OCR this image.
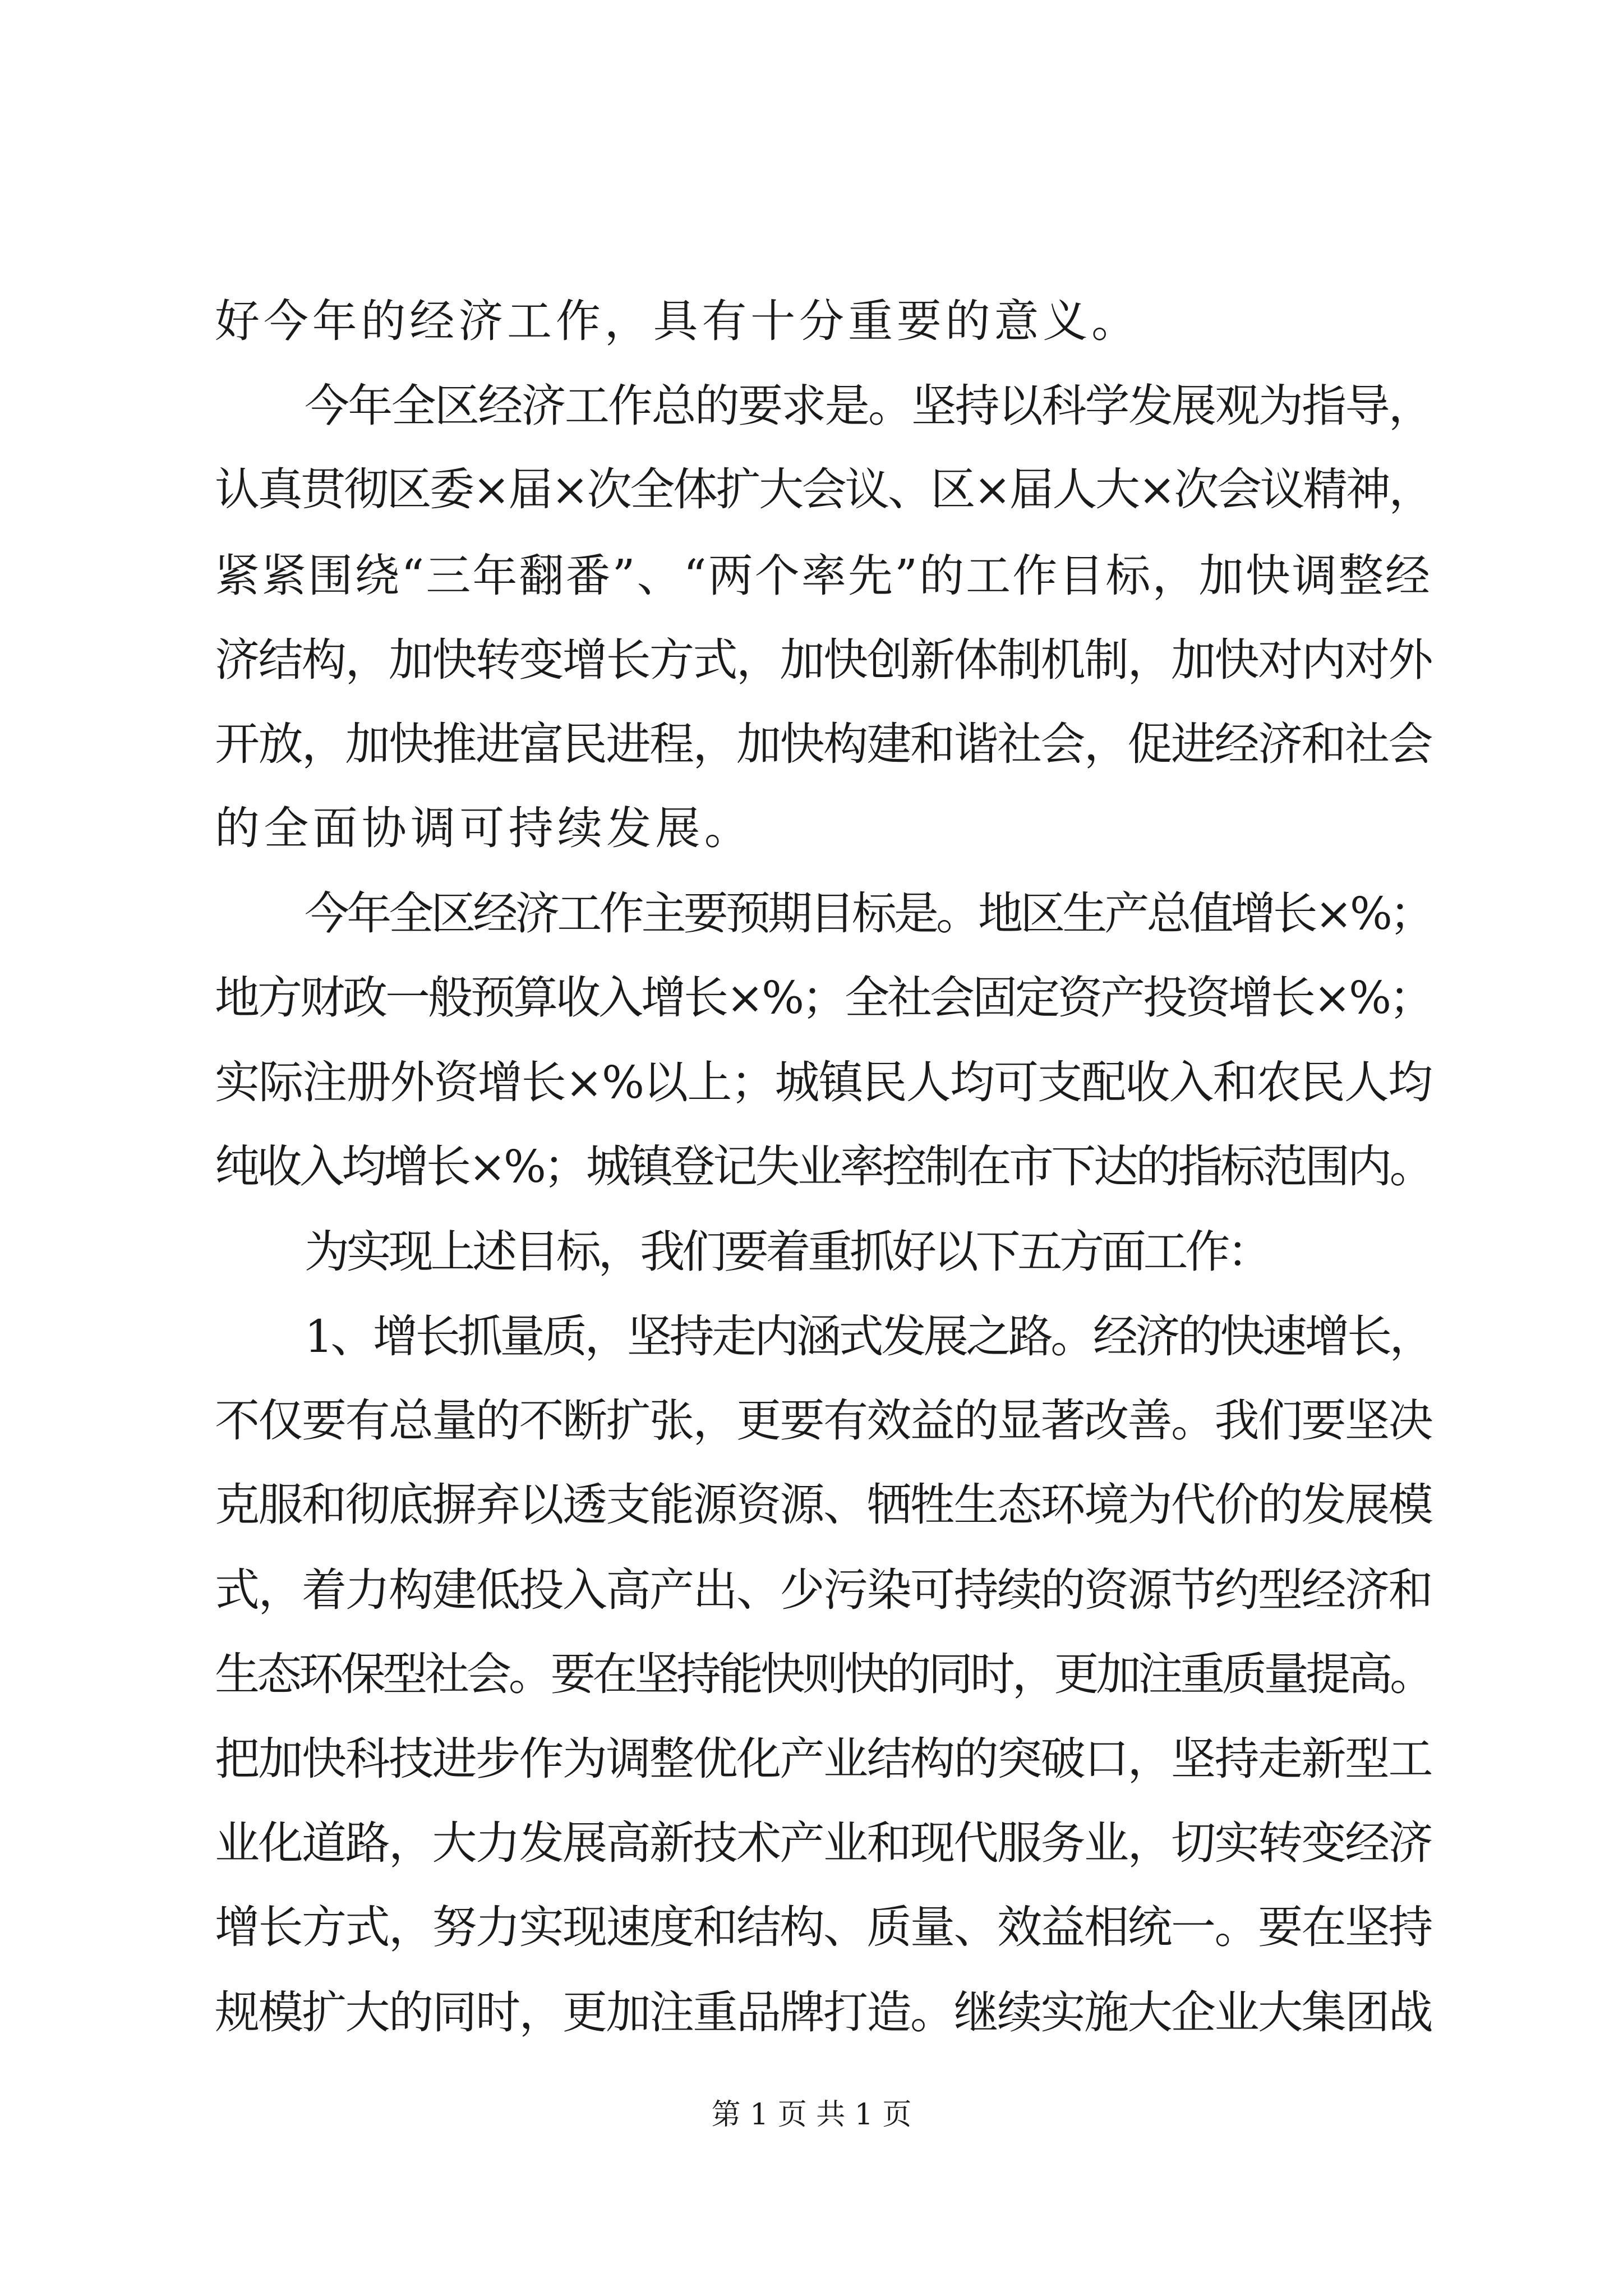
好今年的经济工作，具有十分重要的意义。
今年全区经济工作总的要求是。坚持以科学发展观为指导，
认真贯彻区委×届×次全体扩大会议、区×届人大×次会议精神，
紧紧围绕“三年翻番”、“两个率先”的工作目标，加快调整经
济结构，加快转变增长方式，加快创新体制机制，加快对内对外
开放，加快推进富民进程，加快构建和谐社会，促进经济和社会
的全面协调可持续发展。
今年全区经济工作主要预期目标是。地区生产总值增长×%；
地方财政一般预算收入增长×%；全社会固定资产投资增长×%；
实际注册外资增长×%以上；城镇民人均可支配收入和农民人均
纯收入均增长×%；城镇登记失业率控制在市下达的指标范围内。
为实现上述目标，我们要着重抓好以下五方面工作：
1、增长抓量质，坚持走内涵式发展之路。经济的快速增长，
不仅要有总量的不断扩张，更要有效益的显著改善。我们要坚决
克服和彻底摒弃以透支能源资源、牺牲生态环境为代价的发展模
式，着力构建低投入高产出、少污染可持续的资源节约型经济和
生态环保型社会。要在坚持能快则快的同时，更加注重质量提高。
把加快科技进步作为调整优化产业结构的突破口，坚持走新型工
业化道路，大力发展高新技术产业和现代服务业，切实转变经济
增长方式，努力实现速度和结构、质量、效益相统一。要在坚持
规模扩大的同时，更加注重品牌打造。继续实施大企业大集团战
第 1 页 共 1 页
